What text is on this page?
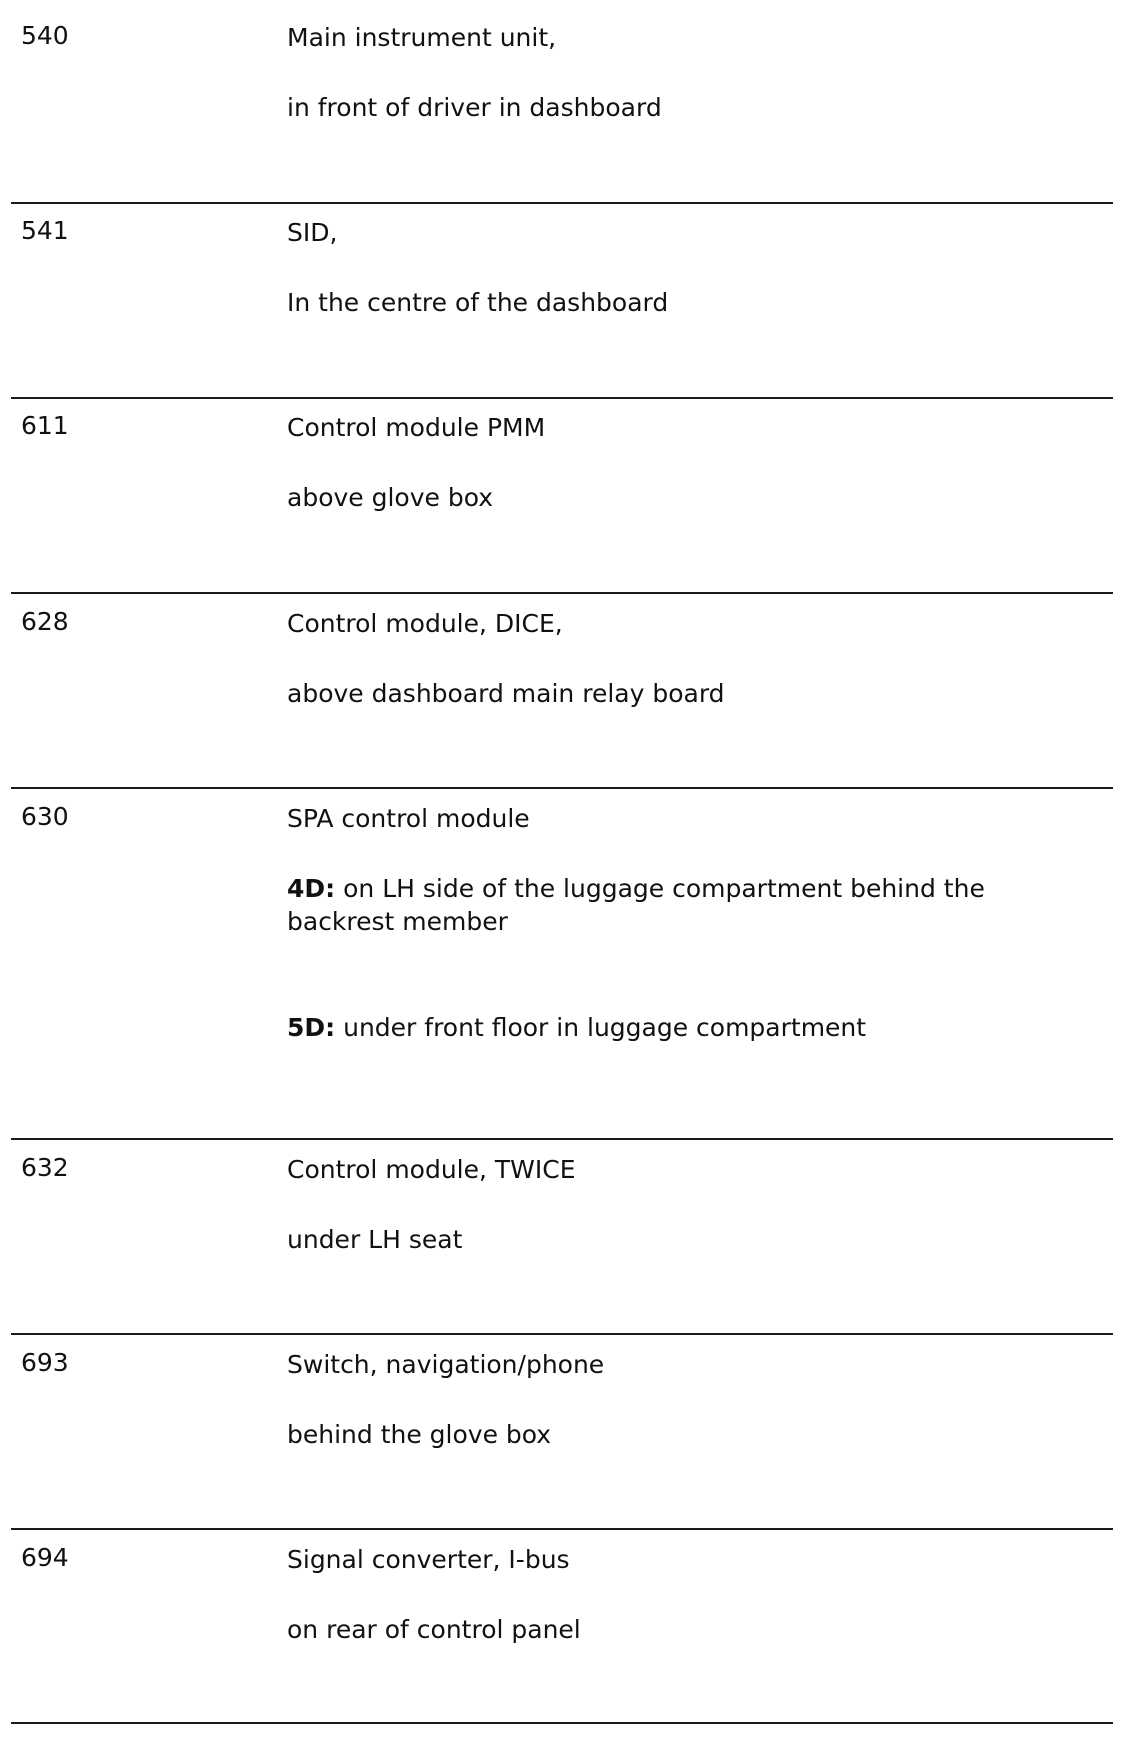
540	Main instrument unit,

in front of driver in dashboard

541	SID,

In the centre of the dashboard

611	Control module PMM

above glove box

628	Control module, DICE,

above dashboard main relay board

630	SPA control module

4D: on LH side of the luggage compartment behind the backrest member

5D: under front floor in luggage compartment

632	Control module, TWICE

under LH seat

693	Switch, navigation/phone

behind the glove box

694	Signal converter, I-bus

on rear of control panel
